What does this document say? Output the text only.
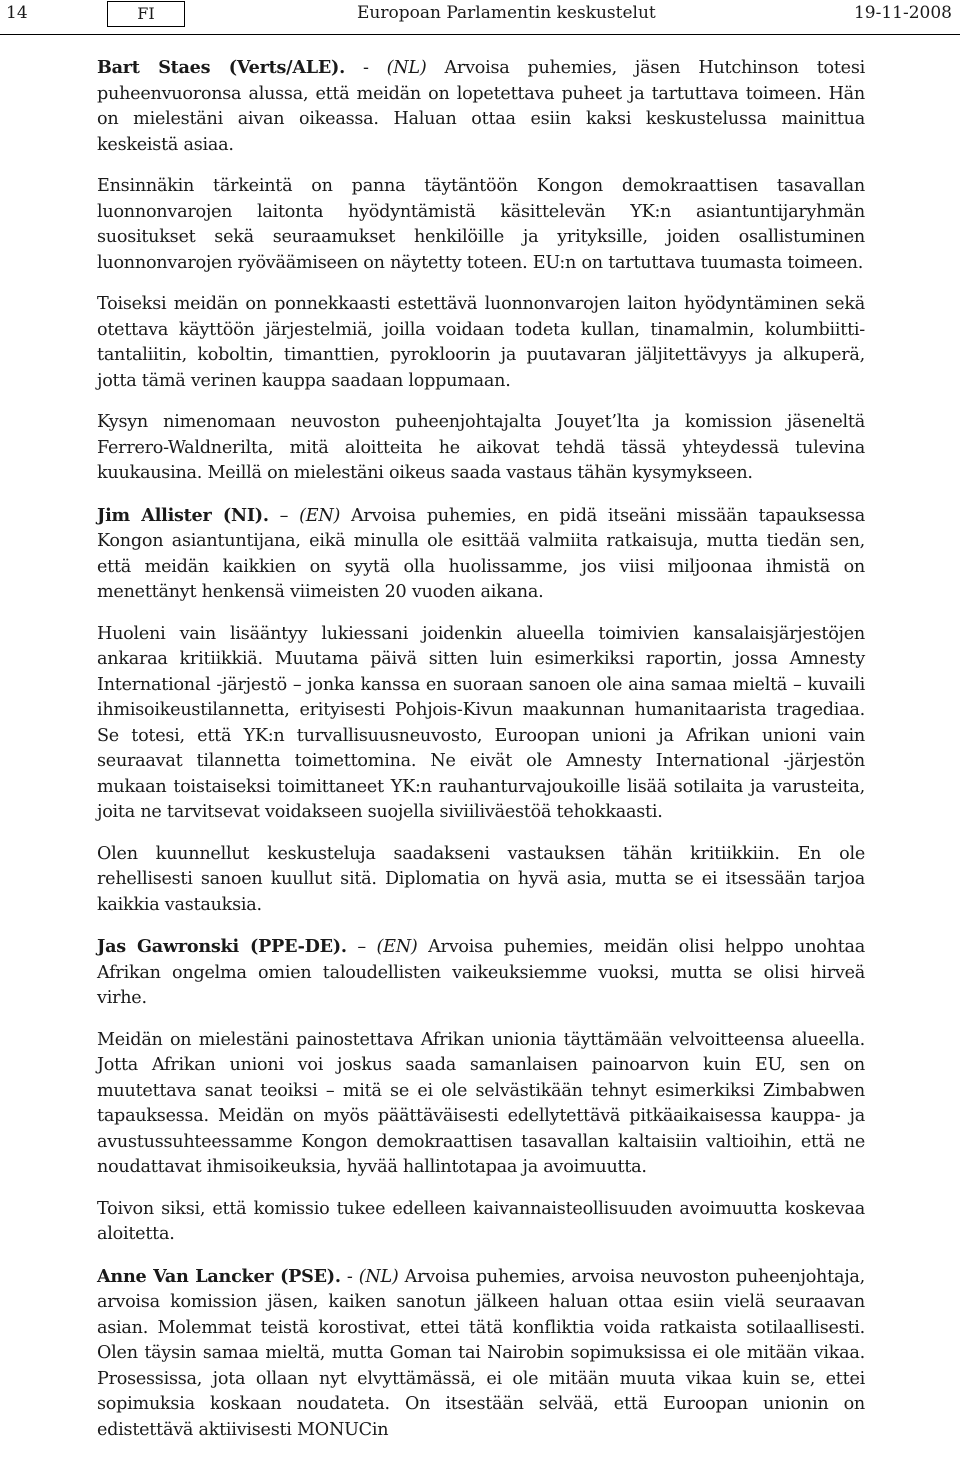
14	FI	Europoan Parlamentin keskustelut	19-11-2008

Bart Staes (Verts/ALE). - (NL) Arvoisa puhemies, jäsen Hutchinson totesi puheenvuoronsa alussa, että meidän on lopetettava puheet ja tartuttava toimeen. Hän on mielestäni aivan oikeassa. Haluan ottaa esiin kaksi keskustelussa mainittua keskeistä asiaa.

Ensinnäkin tärkeintä on panna täytäntöön Kongon demokraattisen tasavallan luonnonvarojen laitonta hyödyntämistä käsittelevän YK:n asiantuntijaryhmän suositukset sekä seuraamukset henkilöille ja yrityksille, joiden osallistuminen luonnonvarojen ryöväämiseen on näytetty toteen. EU:n on tartuttava tuumasta toimeen.

Toiseksi meidän on ponnekkaasti estettävä luonnonvarojen laiton hyödyntäminen sekä otettava käyttöön järjestelmiä, joilla voidaan todeta kullan, tinamalmin, kolumbiitti-tantaliitin, koboltin, timanttien, pyrokloorin ja puutavaran jäljitettävyys ja alkuperä, jotta tämä verinen kauppa saadaan loppumaan.

Kysyn nimenomaan neuvoston puheenjohtajalta Jouyet’lta ja komission jäseneltä Ferrero-Waldnerilta, mitä aloitteita he aikovat tehdä tässä yhteydessä tulevina kuukausina. Meillä on mielestäni oikeus saada vastaus tähän kysymykseen.

Jim Allister (NI). – (EN) Arvoisa puhemies, en pidä itseäni missään tapauksessa Kongon asiantuntijana, eikä minulla ole esittää valmiita ratkaisuja, mutta tiedän sen, että meidän kaikkien on syytä olla huolissamme, jos viisi miljoonaa ihmistä on menettänyt henkensä viimeisten 20 vuoden aikana.

Huoleni vain lisääntyy lukiessani joidenkin alueella toimivien kansalaisjärjestöjen ankaraa kritiikkiä. Muutama päivä sitten luin esimerkiksi raportin, jossa Amnesty International -järjestö – jonka kanssa en suoraan sanoen ole aina samaa mieltä – kuvaili ihmisoikeustilannetta, erityisesti Pohjois-Kivun maakunnan humanitaarista tragediaa. Se totesi, että YK:n turvallisuusneuvosto, Euroopan unioni ja Afrikan unioni vain seuraavat tilannetta toimettomina. Ne eivät ole Amnesty International -järjestön mukaan toistaiseksi toimittaneet YK:n rauhanturvajoukoille lisää sotilaita ja varusteita, joita ne tarvitsevat voidakseen suojella siviiliväestöä tehokkaasti.

Olen kuunnellut keskusteluja saadakseni vastauksen tähän kritiikkiin. En ole rehellisesti sanoen kuullut sitä. Diplomatia on hyvä asia, mutta se ei itsessään tarjoa kaikkia vastauksia.

Jas Gawronski (PPE-DE). – (EN) Arvoisa puhemies, meidän olisi helppo unohtaa Afrikan ongelma omien taloudellisten vaikeuksiemme vuoksi, mutta se olisi hirveä virhe.

Meidän on mielestäni painostettava Afrikan unionia täyttämään velvoitteensa alueella. Jotta Afrikan unioni voi joskus saada samanlaisen painoarvon kuin EU, sen on muutettava sanat teoiksi – mitä se ei ole selvästikään tehnyt esimerkiksi Zimbabwen tapauksessa. Meidän on myös päättäväisesti edellytettävä pitkäaikaisessa kauppa- ja avustussuhteessamme Kongon demokraattisen tasavallan kaltaisiin valtioihin, että ne noudattavat ihmisoikeuksia, hyvää hallintotapaa ja avoimuutta.

Toivon siksi, että komissio tukee edelleen kaivannaisteollisuuden avoimuutta koskevaa aloitetta.

Anne Van Lancker (PSE). - (NL) Arvoisa puhemies, arvoisa neuvoston puheenjohtaja, arvoisa komission jäsen, kaiken sanotun jälkeen haluan ottaa esiin vielä seuraavan asian. Molemmat teistä korostivat, ettei tätä konfliktia voida ratkaista sotilaallisesti. Olen täysin samaa mieltä, mutta Goman tai Nairobin sopimuksissa ei ole mitään vikaa. Prosessissa, jota ollaan nyt elvyttämässä, ei ole mitään muuta vikaa kuin se, ettei sopimuksia koskaan noudateta. On itsestään selvää, että Euroopan unionin on edistettävä aktiivisesti MONUCin
